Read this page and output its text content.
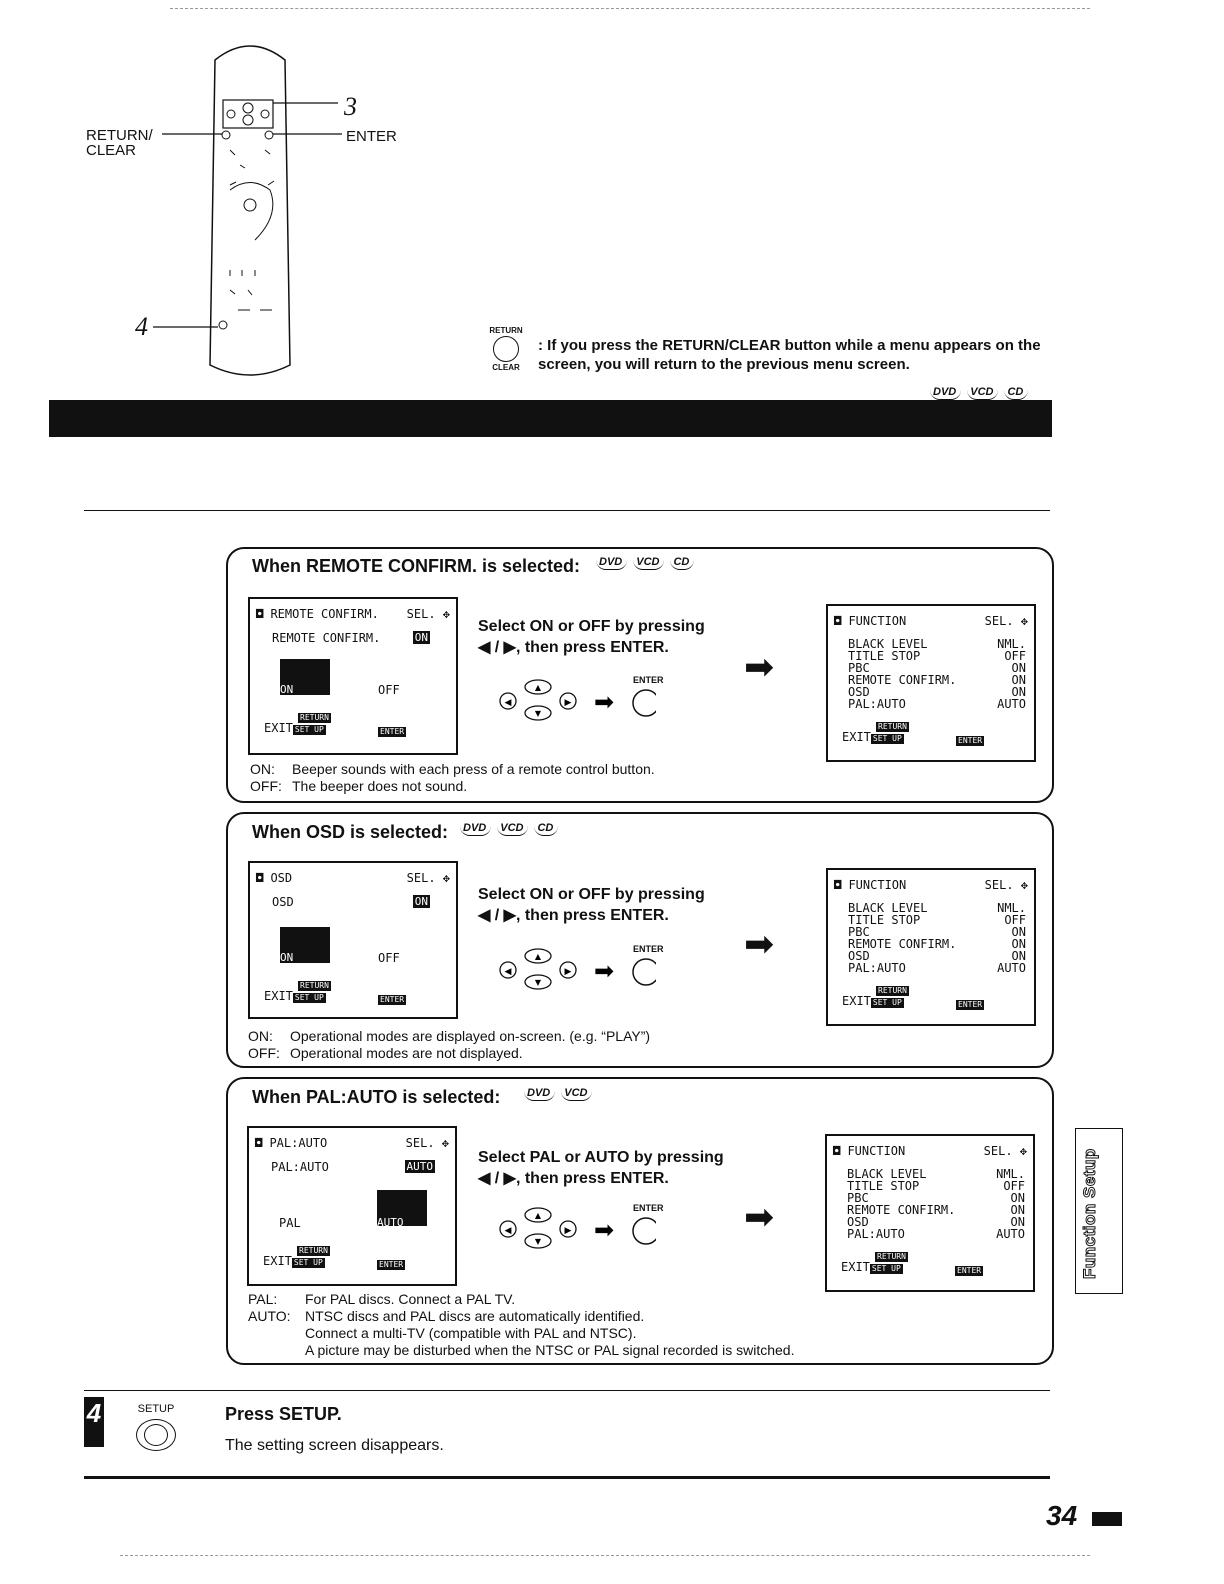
RETURN/
CLEAR
ENTER
3
4	RETURN
CLEAR
: If you press the RETURN/CLEAR button while a menu appears on the screen, you will return to the previous menu screen.
DVD	VCD	CD
When REMOTE CONFIRM. is selected: DVD	VCD	CD
◘ REMOTE CONFIRM. SEL. ✥
REMOTE CONFIRM.	ON
ON	OFF
RETURN
EXIT SET UP	ENTER
Select ON or OFF by pressing
◀ / ▶, then press ENTER.
◀
▲
▼
▶ ➡
ENTER ➡
◘ FUNCTION	SEL. ✥
BLACK LEVEL	NML.
TITLE STOP	OFF
PBC	ON
REMOTE CONFIRM.	ON
OSD	ON
PAL:AUTO	AUTO
RETURN
EXIT SET UP	ENTER
ON: Beeper sounds with each press of a remote control button.
OFF: The beeper does not sound.
When OSD is selected: DVD	VCD	CD
◘ OSD	SEL. ✥
OSD	ON
ON	OFF
RETURN
EXIT SET UP	ENTER
Select ON or OFF by pressing
◀ / ▶, then press ENTER.
◀
▲
▼
▶ ➡
ENTER ➡
◘ FUNCTION	SEL. ✥
BLACK LEVEL	NML.
TITLE STOP	OFF
PBC	ON
REMOTE CONFIRM.	ON
OSD	ON
PAL:AUTO	AUTO
RETURN
EXIT SET UP	ENTER
ON: Operational modes are displayed on-screen. (e.g. “PLAY”)
OFF: Operational modes are not displayed.
When PAL:AUTO is selected: DVD	VCD
◘ PAL:AUTO	SEL. ✥
PAL:AUTO	AUTO
PAL	AUTO
RETURN
EXIT SET UP	ENTER
Select PAL or AUTO by pressing
◀ / ▶, then press ENTER.
◀
▲
▼
▶ ➡
ENTER ➡
◘ FUNCTION	SEL. ✥
BLACK LEVEL	NML.
TITLE STOP	OFF
PBC	ON
REMOTE CONFIRM.	ON
OSD	ON
PAL:AUTO	AUTO
RETURN
EXIT SET UP	ENTER
PAL: For PAL discs. Connect a PAL TV.
AUTO: NTSC discs and PAL discs are automatically identified.
Connect a multi-TV (compatible with PAL and NTSC).
A picture may be disturbed when the NTSC or PAL signal recorded is switched.
Function Setup
4	SETUP	Press SETUP.
The setting screen disappears.
34
